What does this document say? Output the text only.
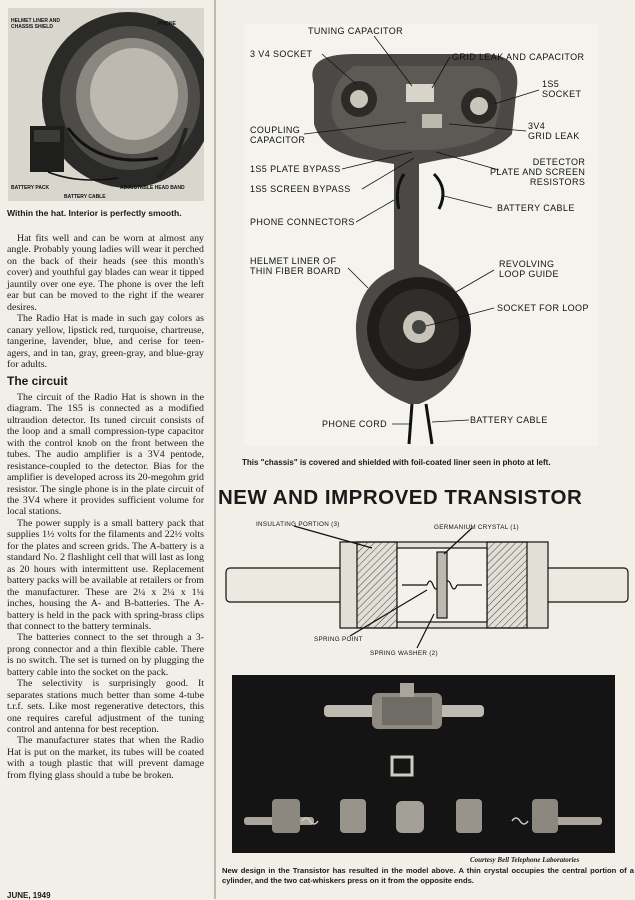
HELMET LINER AND CHASSIS SHIELD	PHONE
BATTERY PACK
BATTERY CABLE
ADJUSTABLE HEAD BAND
Within the hat. Interior is perfectly smooth.

Hat fits well and can be worn at almost any angle. Probably young ladies will wear it perched on the back of their heads (see this month's cover) and youthful gay blades can wear it tipped jauntily over one eye. The phone is over the left ear but can be moved to the right if the wearer desires.

The Radio Hat is made in such gay colors as canary yellow, lipstick red, turquoise, chartreuse, tangerine, lavender, blue, and cerise for teen-agers, and in tan, gray, green-gray, and blue-gray for adults.

The circuit

The circuit of the Radio Hat is shown in the diagram. The 1S5 is connected as a modified ultraudion detector. Its tuned circuit consists of the loop and a small compression-type capacitor with the control knob on the front between the tubes. The audio amplifier is a 3V4 pentode, resistance-coupled to the detector. Bias for the amplifier is developed across its 20-megohm grid resistor. The single phone is in the plate circuit of the 3V4 where it provides sufficient volume for local stations.

The power supply is a small battery pack that supplies 1½ volts for the filaments and 22½ volts for the plates and screen grids. The A-battery is a standard No. 2 flashlight cell that will last as long as 20 hours with intermittent use. Replacement battery packs will be available at retailers or from the manufacturer. These are 2¼ x 2¼ x 1¼ inches, housing the A- and B-batteries. The A-battery is held in the pack with spring-brass clips that connect to the battery terminals.

The batteries connect to the set through a 3-prong connector and a thin flexible cable. There is no switch. The set is turned on by plugging the battery cable into the socket on the pack.

The selectivity is surprisingly good. It separates stations much better than some 4-tube t.r.f. sets. Like most regenerative detectors, this one requires careful adjustment of the tuning control and antenna for best reception.

The manufacturer states that when the Radio Hat is put on the market, its tubes will be coated with a tough plastic that will prevent damage from flying glass should a tube be broken.

JUNE, 1949
TUNING CAPACITOR
3 V4 SOCKET	GRID LEAK AND CAPACITOR
1S5
SOCKET
COUPLING
CAPACITOR
3V4
GRID LEAK
1S5 PLATE BYPASS
DETECTOR
PLATE AND SCREEN
RESISTORS
1S5 SCREEN BYPASS
BATTERY CABLE
PHONE CONNECTORS
HELMET LINER OF
THIN FIBER BOARD
REVOLVING
LOOP GUIDE
SOCKET FOR LOOP
PHONE CORD	BATTERY CABLE
This "chassis" is covered and shielded with foil-coated liner seen in photo at left.
NEW AND IMPROVED TRANSISTOR
INSULATING PORTION (3)	GERMANIUM CRYSTAL (1)
SPRING POINT
SPRING WASHER (2)
Courtesy Bell Telephone Laboratories
New design in the Transistor has resulted in the model above. A thin crystal occupies the central portion of a cylinder, and the two cat-whiskers press on it from the opposite ends.
